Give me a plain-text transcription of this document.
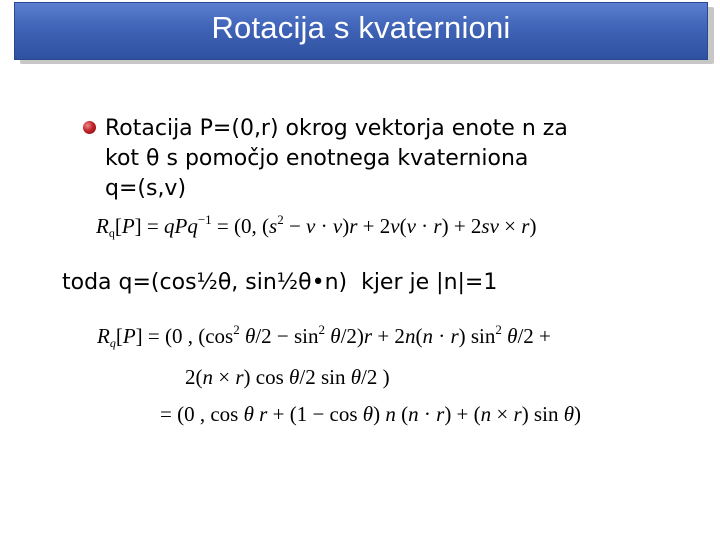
Rotacija s kvaternioni
Rotacija P=(0,r) okrog vektorja enote n za
kot θ s pomočjo enotnega kvaterniona
q=(s,v)
$R_q[P] = qPq^{-1} = (0$, $(s^2 - v \cdot v)r + 2v(v \cdot r) + 2sv \times r$)
toda q=(cos½θ, sin½θ•n)  kjer je |n|=1
$R_q[P] = (0$ , ($\cos^2$ $\theta/2 - \sin^2 \theta/2)r + 2n(n \cdot r)$ $\sin^2 \theta/2$ +
2(n × r) cos θ/2 sin θ/2 )
= (0 , cos θ r + (1 − cos θ) n (n · r) + (n × r) sin θ)
